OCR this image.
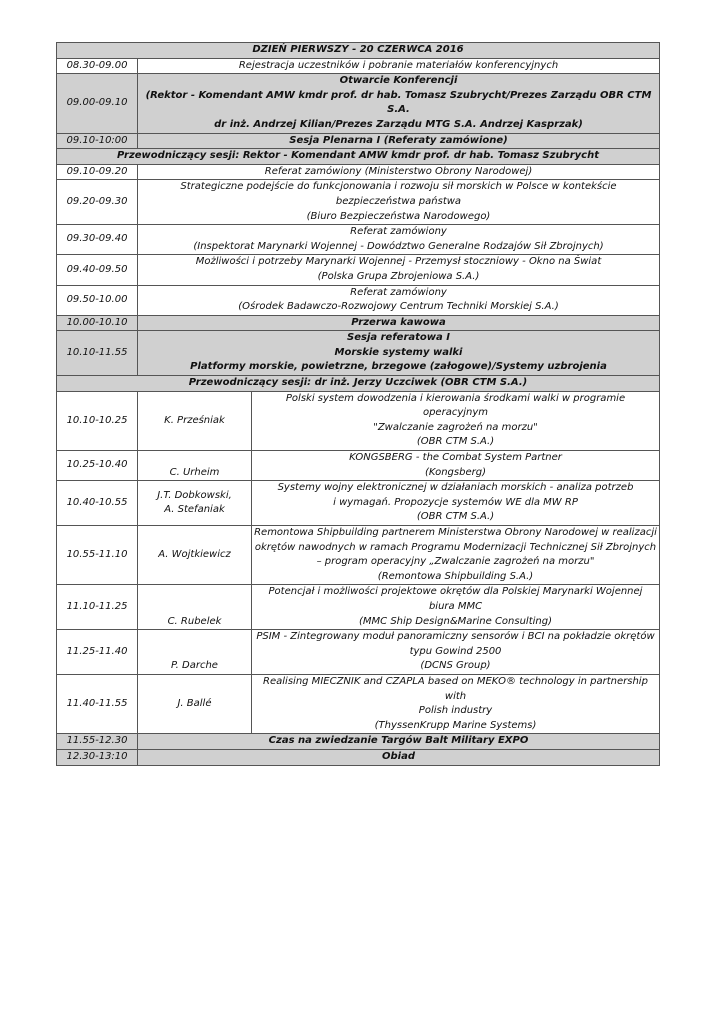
DZIEŃ PIERWSZY - 20 CZERWCA 2016		
08.30-09.00	Rejestracja uczestników i pobranie materiałów konferencyjnych	

09.00-09.10	Otwarcie Konferencji
(Rektor - Komendant AMW kmdr prof. dr hab. Tomasz Szubrycht/Prezes Zarządu OBR CTM S.A.
dr inż. Andrzej Kilian/Prezes Zarządu MTG S.A. Andrzej Kasprzak)	

09.10-10:00	Sesja Plenarna I (Referaty zamówione)	

Przewodniczący sesji: Rektor - Komendant AMW kmdr prof. dr hab. Tomasz Szubrycht		
09.10-09.20	Referat zamówiony (Ministerstwo Obrony Narodowej)	

09.20-09.30	Strategiczne podejście do funkcjonowania i rozwoju sił morskich w Polsce w kontekście
bezpieczeństwa państwa
(Biuro Bezpieczeństwa Narodowego)	

09.30-09.40	Referat zamówiony
(Inspektorat Marynarki Wojennej - Dowództwo Generalne Rodzajów Sił Zbrojnych)	

09.40-09.50	Możliwości i potrzeby Marynarki Wojennej - Przemysł stoczniowy - Okno na Świat
(Polska Grupa Zbrojeniowa S.A.)	

09.50-10.00	Referat zamówiony
(Ośrodek Badawczo-Rozwojowy Centrum Techniki Morskiej S.A.)	

10.00-10.10	Przerwa kawowa	

10.10-11.55	Sesja referatowa I
Morskie systemy walki
Platformy morskie, powietrzne, brzegowe (załogowe)/Systemy uzbrojenia	

Przewodniczący sesji: dr inż. Jerzy Uczciwek (OBR CTM S.A.)		
10.10-10.25	K. Prześniak	Polski system dowodzenia i kierowania środkami walki w programie operacyjnym
"Zwalczanie zagrożeń na morzu"
(OBR CTM S.A.)

10.25-10.40	C. Urheim	KONGSBERG - the Combat System Partner
(Kongsberg)

10.40-10.55	J.T. Dobkowski,
A. Stefaniak	Systemy wojny elektronicznej w działaniach morskich - analiza potrzeb
i wymagań. Propozycje systemów WE dla MW RP
(OBR CTM S.A.)

10.55-11.10	A. Wojtkiewicz	Remontowa Shipbuilding partnerem Ministerstwa Obrony Narodowej w realizacji
okrętów nawodnych w ramach Programu Modernizacji Technicznej Sił Zbrojnych
– program operacyjny „Zwalczanie zagrożeń na morzu"
(Remontowa Shipbuilding S.A.)

11.10-11.25	C. Rubelek	Potencjał i możliwości projektowe okrętów dla Polskiej Marynarki Wojennej
biura MMC
(MMC Ship Design&Marine Consulting)

11.25-11.40	P. Darche	PSIM - Zintegrowany moduł panoramiczny sensorów i BCI na pokładzie okrętów
typu Gowind 2500
(DCNS Group)

11.40-11.55	J. Ballé	Realising MIECZNIK and CZAPLA based on MEKO® technology in partnership with
Polish industry
(ThyssenKrupp Marine Systems)

11.55-12.30	Czas na zwiedzanie Targów Balt Military EXPO	

12.30-13:10	Obiad	
